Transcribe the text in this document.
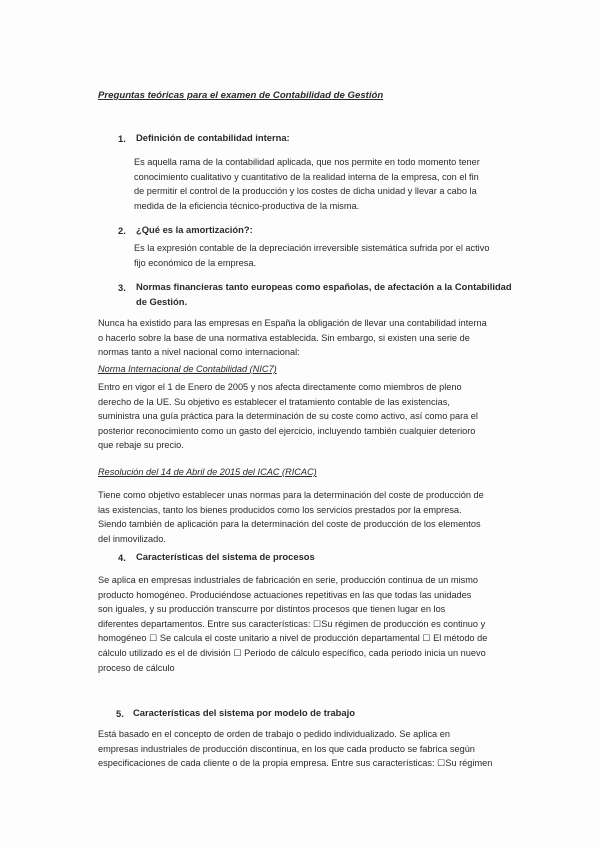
Preguntas teóricas para el examen de Contabilidad de Gestión
1. Definición de contabilidad interna:
Es aquella rama de la contabilidad aplicada, que nos permite en todo momento tener
conocimiento cualitativo y cuantitativo de la realidad interna de la empresa, con el fin
de permitir el control de la producción y los costes de dicha unidad y llevar a cabo la
medida de la eficiencia técnico-productiva de la misma.
2. ¿Qué es la amortización?:
Es la expresión contable de la depreciación irreversible sistemática sufrida por el activo
fijo económico de la empresa.
3. Normas financieras tanto europeas como españolas, de afectación a la Contabilidad
de Gestión.
Nunca ha existido para las empresas en España la obligación de llevar una contabilidad interna
o hacerlo sobre la base de una normativa establecida. Sin embargo, si existen una serie de
normas tanto a nivel nacional como internacional:
Norma Internacional de Contabilidad (NIC7)
Entro en vigor el 1 de Enero de 2005 y nos afecta directamente como miembros de pleno
derecho de la UE. Su objetivo es establecer el tratamiento contable de las existencias,
suministra una guía práctica para la determinación de su coste como activo, así como para el
posterior reconocimiento como un gasto del ejercicio, incluyendo también cualquier deterioro
que rebaje su precio.
Resolución del 14 de Abril de 2015 del ICAC (RICAC)
Tiene como objetivo establecer unas normas para la determinación del coste de producción de
las existencias, tanto los bienes producidos como los servicios prestados por la empresa.
Siendo también de aplicación para la determinación del coste de producción de los elementos
del inmovilizado.
4. Características del sistema de procesos
Se aplica en empresas industriales de fabricación en serie, producción continua de un mismo
producto homogéneo. Produciéndose actuaciones repetitivas en las que todas las unidades
son iguales, y su producción transcurre por distintos procesos que tienen lugar en los
diferentes departamentos. Entre sus características: ☐Su régimen de producción es continuo y
homogéneo ☐ Se calcula el coste unitario a nivel de producción departamental ☐ El método de
cálculo utilizado es el de división ☐ Periodo de cálculo específico, cada periodo inicia un nuevo
proceso de cálculo
5. Características del sistema por modelo de trabajo
Está basado en el concepto de orden de trabajo o pedido individualizado. Se aplica en
empresas industriales de producción discontinua, en los que cada producto se fabrica según
especificaciones de cada cliente o de la propia empresa. Entre sus características: ☐Su régimen
